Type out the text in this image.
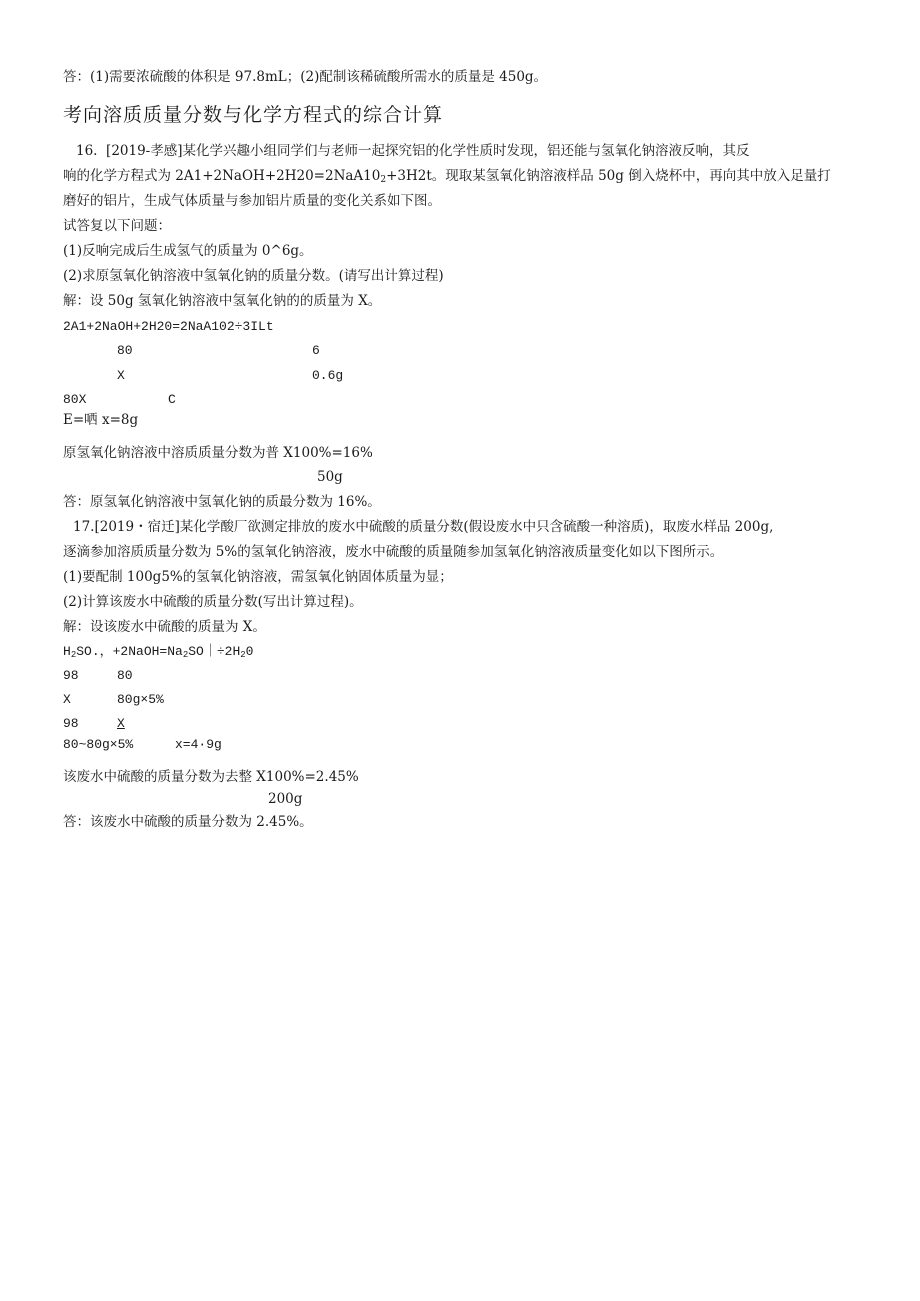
答：(1)需要浓硫酸的体积是 97.8mL；(2)配制该稀硫酸所需水的质量是 450g。
考向溶质质量分数与化学方程式的综合计算
16.  [2019-孝感]某化学兴趣小组同学们与老师一起探究铝的化学性质时发现，铝还能与氢氧化钠溶液反响，其反
响的化学方程式为 $2A1+2NaOH+2H20=2NaA10_2+3H2t$。现取某氢氧化钠溶液样品 50g 倒入烧杯中，再向其中放入足量打
磨好的铝片，生成气体质量与参加铝片质量的变化关系如下图。
试答复以下问题：
(1)反响完成后生成氢气的质量为 0^6g。
(2)求原氢氧化钠溶液中氢氧化钠的质量分数。(请写出计算过程)
解：设 50g 氢氧化钠溶液中氢氧化钠的的质量为 X。
2A1+2NaOH+2H20=2NaA102÷3ILt
80	6
X	0.6g
80X	C
E=哂 x=8g
原氢氧化钠溶液中溶质质量分数为普 X100%=16%
50g
答：原氢氧化钠溶液中氢氧化钠的质最分数为 16%。
17.[2019・宿迁]某化学酸厂欲测定排放的废水中硫酸的质量分数(假设废水中只含硫酸一种溶质)，取废水样品 200g,
逐滴参加溶质质量分数为 5%的氢氧化钠溶液，废水中硫酸的质量随参加氢氧化钠溶液质量变化如以下图所示。
(1)要配制 100g5%的氢氧化钠溶液，需氢氧化钠固体质量为显；
(2)计算该废水中硫酸的质量分数(写出计算过程)。
解：设该废水中硫酸的质量为 X。
$H_2SO$.，$+2NaOH=Na_2SO|\div 2H_20$
98	80
X	80g×5%
98	X
80~80g×5%	x=4·9g
该废水中硫酸的质量分数为去整 X100%=2.45%
200g
答：该废水中硫酸的质量分数为 2.45%。
